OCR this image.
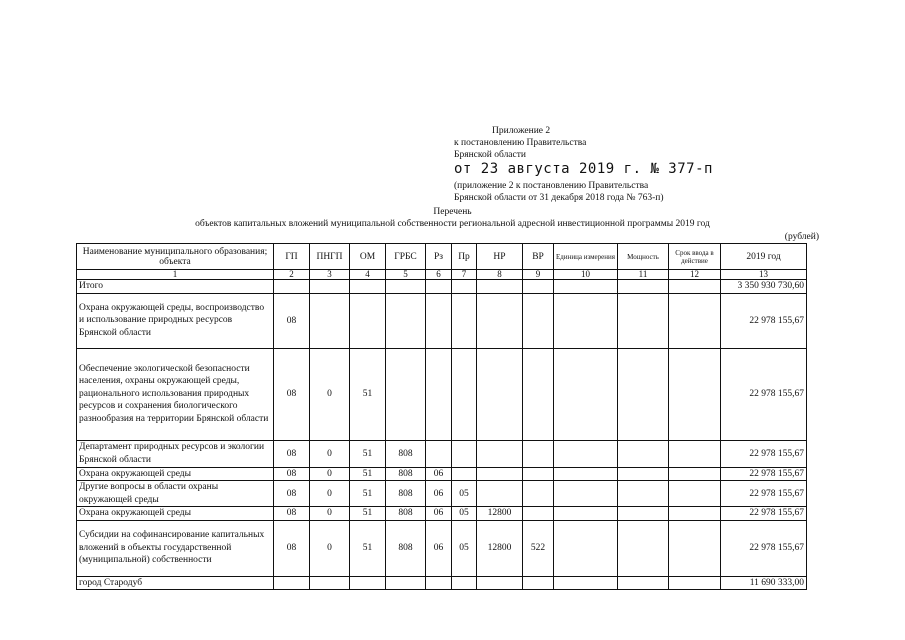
Приложение 2
к постановлению Правительства
Брянской области
от 23 августа 2019 г. № 377-п
(приложение 2 к постановлению Правительства
Брянской области от 31 декабря 2018 года № 763-п)
Перечень
объектов капитальных вложений муниципальной собственности региональной адресной инвестиционной программы 2019 год
(рублей)
Наименование муниципального образования; объекта	ГП	ПНГП	ОМ	ГРБС	Рз	Пр	НР	ВР	Единица измерения	Мощность	Срок ввода в действие	2019 год
1	2	3	4	5	6	7	8	9	10	11	12	13
Итого												3 350 930 730,60
Охрана окружающей среды, воспроизводство и использование природных ресурсов Брянской области	08											22 978 155,67
Обеспечение экологической безопасности населения, охраны окружающей среды, рационального использования природных ресурсов и сохранения биологического разнообразия на территории Брянской области	08	0	51									22 978 155,67
Департамент природных ресурсов и экологии Брянской области	08	0	51	808								22 978 155,67
Охрана окружающей среды	08	0	51	808	06							22 978 155,67
Другие вопросы в области охраны окружающей среды	08	0	51	808	06	05						22 978 155,67
Охрана окружающей среды	08	0	51	808	06	05	12800					22 978 155,67
Субсидии на софинансирование капитальных вложений в объекты государственной (муниципальной) собственности	08	0	51	808	06	05	12800	522				22 978 155,67
город Стародуб												11 690 333,00
